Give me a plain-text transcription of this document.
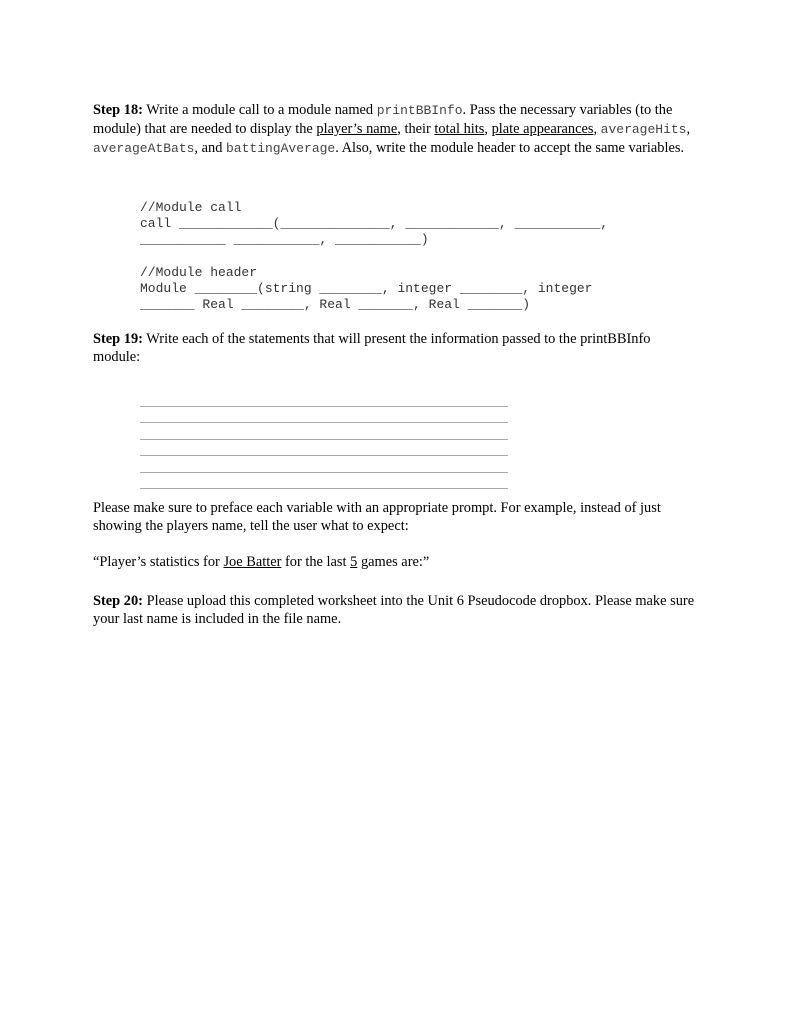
Step 18: Write a module call to a module named printBBInfo. Pass the necessary variables (to the module) that are needed to display the player’s name, their total hits, plate appearances, averageHits, averageAtBats, and battingAverage. Also, write the module header to accept the same variables.

//Module call
call ____________(______________, ____________, ___________,
___________ ___________, ___________)
//Module header
Module ________(string ________, integer ________, integer
_______ Real ________, Real _______, Real _______)

Step 19: Write each of the statements that will present the information passed to the printBBInfo module:

Please make sure to preface each variable with an appropriate prompt. For example, instead of just showing the players name, tell the user what to expect:

“Player’s statistics for Joe Batter for the last 5 games are:”

Step 20: Please upload this completed worksheet into the Unit 6 Pseudocode dropbox. Please make sure your last name is included in the file name.
